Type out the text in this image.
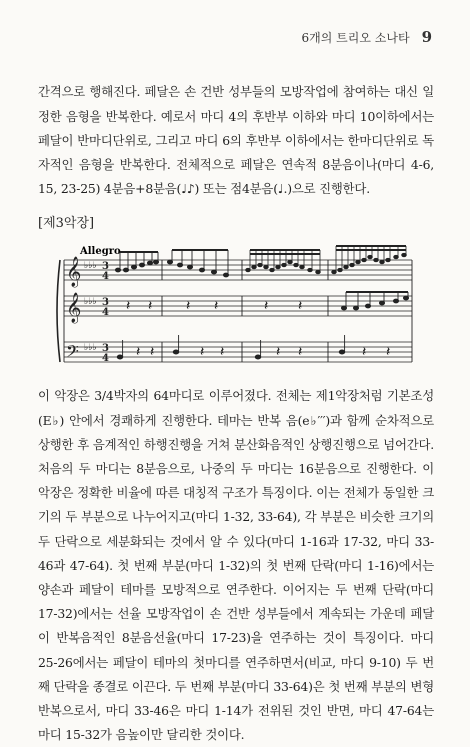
6개의 트리오 소나타 9

간격으로 행해진다. 페달은 손 건반 성부들의 모방작업에 참여하는 대신 일정한 음형을 반복한다. 예로서 마디 4의 후반부 이하와 마디 10이하에서는 페달이 반마디단위로, 그리고 마디 6의 후반부 이하에서는 한마디단위로 독자적인 음형을 반복한다. 전체적으로 페달은 연속적 8분음이나(마디 4-6, 15, 23-25) 4분음+8분음(♩♪) 또는 점4분음(♩.)으로 진행한다.

[제3악장]
Allegro
𝄞
𝄞
𝄢
♭♭♭
♭♭♭
♭♭♭
3
4
3
4
3
4
𝄽 𝄽 𝄽 𝄽	𝄽 𝄽
𝄽 𝄽	𝄽 𝄽	𝄽 𝄽	𝄽 𝄽

이 악장은 3/4박자의 64마디로 이루어졌다. 전체는 제1악장처럼 기본조성(E♭) 안에서 경쾌하게 진행한다. 테마는 반복 음(e♭′′′)과 함께 순차적으로 상행한 후 음계적인 하행진행을 거쳐 분산화음적인 상행진행으로 넘어간다. 처음의 두 마디는 8분음으로, 나중의 두 마디는 16분음으로 진행한다. 이 악장은 정확한 비율에 따른 대칭적 구조가 특징이다. 이는 전체가 동일한 크기의 두 부분으로 나누어지고(마디 1-32, 33-64), 각 부분은 비슷한 크기의 두 단락으로 세분화되는 것에서 알 수 있다(마디 1-16과 17-32, 마디 33-46과 47-64). 첫 번째 부분(마디 1-32)의 첫 번째 단락(마디 1-16)에서는 양손과 페달이 테마를 모방적으로 연주한다. 이어지는 두 번째 단락(마디 17-32)에서는 선율 모방작업이 손 건반 성부들에서 계속되는 가운데 페달이 반복음적인 8분음선율(마디 17-23)을 연주하는 것이 특징이다. 마디 25-26에서는 페달이 테마의 첫마디를 연주하면서(비교, 마디 9-10) 두 번째 단락을 종결로 이끈다. 두 번째 부분(마디 33-64)은 첫 번째 부분의 변형 반복으로서, 마디 33-46은 마디 1-14가 전위된 것인 반면, 마디 47-64는 마디 15-32가 음높이만 달리한 것이다.
